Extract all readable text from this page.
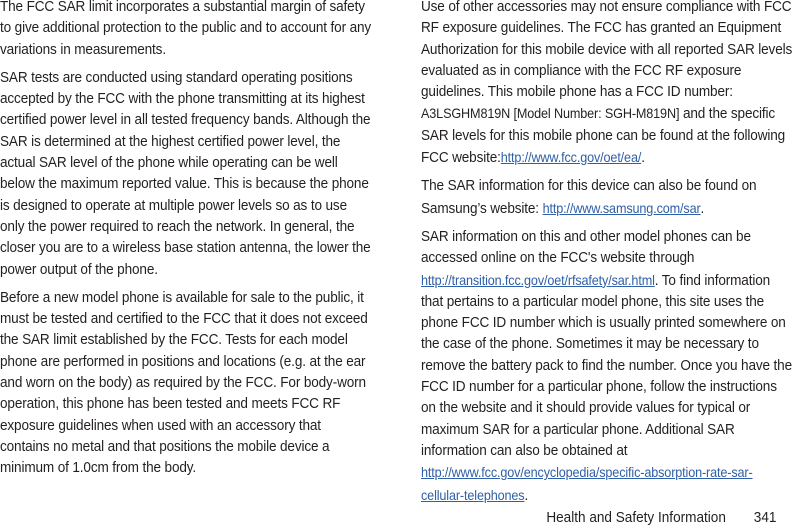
The FCC SAR limit incorporates a substantial margin of safety to give additional protection to the public and to account for any variations in measurements.

SAR tests are conducted using standard operating positions accepted by the FCC with the phone transmitting at its highest certified power level in all tested frequency bands. Although the SAR is determined at the highest certified power level, the actual SAR level of the phone while operating can be well below the maximum reported value. This is because the phone is designed to operate at multiple power levels so as to use only the power required to reach the network. In general, the closer you are to a wireless base station antenna, the lower the power output of the phone.

Before a new model phone is available for sale to the public, it must be tested and certified to the FCC that it does not exceed the SAR limit established by the FCC. Tests for each model phone are performed in positions and locations (e.g. at the ear and worn on the body) as required by the FCC. For body-worn operation, this phone has been tested and meets FCC RF exposure guidelines when used with an accessory that contains no metal and that positions the mobile device a minimum of 1.0cm from the body.

Use of other accessories may not ensure compliance with FCC RF exposure guidelines. The FCC has granted an Equipment Authorization for this mobile device with all reported SAR levels evaluated as in compliance with the FCC RF exposure guidelines. This mobile phone has a FCC ID number: A3LSGHM819N [Model Number: SGH-M819N] and the specific SAR levels for this mobile phone can be found at the following FCC website:http://www.fcc.gov/oet/ea/.

The SAR information for this device can also be found on Samsung’s website: http://www.samsung.com/sar.

SAR information on this and other model phones can be accessed online on the FCC's website through http://transition.fcc.gov/oet/rfsafety/sar.html. To find information that pertains to a particular model phone, this site uses the phone FCC ID number which is usually printed somewhere on the case of the phone. Sometimes it may be necessary to remove the battery pack to find the number. Once you have the FCC ID number for a particular phone, follow the instructions on the website and it should provide values for typical or maximum SAR for a particular phone. Additional SAR information can also be obtained at http://www.fcc.gov/encyclopedia/specific-absorption-rate-sar-cellular-telephones.

Health and Safety Information 341
